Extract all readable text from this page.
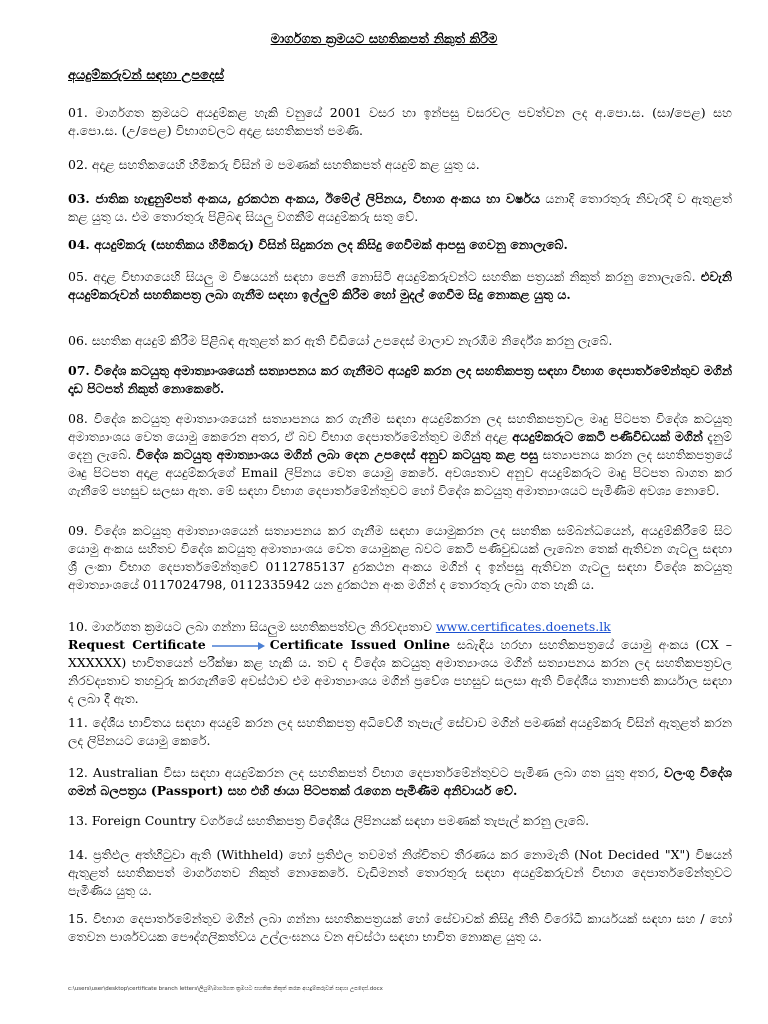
මාර්ගගත ක්‍රමයට සහතිකපත් නිකුත් කිරීම
අයදුම්කරුවන් සඳහා උපදෙස්
01. මාර්ගගත ක්‍රමයට අයදුම්කළ හැකි වනුයේ 2001 වසර හා ඉන්පසු වසරවල පවත්වන ලද අ.පො.ස. (සා/පෙළ) සහ අ.පො.ස. (උ/පෙළ) විභාගවලට අදාළ සහතිකපත් පමණි.
02. අදාළ සහතිකයෙහි හිමිකරු විසින් ම පමණක් සහතිකපත් අයදුම් කළ යුතු ය.
03. ජාතික හැඳුනුම්පත් අංකය, දුරකථන අංකය, ඊමේල් ලිපිනය, විභාග අංකය හා වර්ෂය යනාදි තොරතුරු නිවැරදි ව ඇතුළත් කළ යුතු ය. එම තොරතුරු පිළිබඳ සියලු වගකීම් අයදුම්කරු සතු වේ.
04. අයදුම්කරු (සහතිකය හිමිකරු) විසින් සිදුකරන ලද කිසිදු ගෙවීමක් ආපසු ගෙවනු නොලැබේ.
05. අදාළ විභාගයෙහි සියලු ම විෂයයන් සඳහා පෙනී නොසිටි අයදුම්කරුවන්ට සහතික පත්‍රයක් නිකුත් කරනු නොලැබේ. එවැනි අයදුම්කරුවන් සහතිකපත්‍ර ලබා ගැනීම සඳහා ඉල්ලුම් කිරීම හෝ මුදල් ගෙවීම සිදු නොකළ යුතු ය.
06. සහතික අයදුම් කිරීම පිළිබඳ ඇතුළත් කර ඇති වීඩියෝ උපදෙස් මාලාව නැරඹීම නිර්දේශ කරනු ලැබේ.
07. විදේශ කටයුතු අමාත්‍යාංශයෙන් සත්‍යාපනය කර ගැනීමට අයදුම් කරන ලද සහතිකපත්‍ර සඳහා විභාග දෙපාර්තමේන්තුව මගින් දෘඩ පිටපත් නිකුත් නොකෙරේ.
08. විදේශ කටයුතු අමාත්‍යාංශයෙන් සත්‍යාපනය කර ගැනීම සඳහා අයදුම්කරන ලද සහතිකපත්‍රවල මෘදු පිටපත විදේශ කටයුතු අමාත්‍යාංශය වෙත යොමු කෙරෙන අතර, ඒ බව විභාග දෙපාර්තමේන්තුව මගින් අදාළ අයදුම්කරුට කෙටි පණිවිඩයක් මගින් දැනුම් දෙනු ලැබේ. විදේශ කටයුතු අමාත්‍යාංශය මගින් ලබා දෙන උපදෙස් අනුව කටයුතු කළ පසු සත්‍යාපනය කරන ලද සහතිකපත්‍රයේ මෘදු පිටපත අදාළ අයදුම්කරුගේ Email ලිපිනය වෙත යොමු කෙරේ. අවශ්‍යතාව අනුව අයදුම්කරුට මෘදු පිටපත බාගත කර ගැනීමේ පහසුව සලසා ඇත. මේ සඳහා විභාග දෙපාර්තමේන්තුවට හෝ විදේශ කටයුතු අමාත්‍යාංශයට පැමිණීම අවශ්‍ය නොවේ.
09. විදේශ කටයුතු අමාත්‍යාංශයෙන් සත්‍යාපනය කර ගැනීම සඳහා යොමුකරන ලද සහතික සම්බන්ධයෙන්, අයදුම්කිරීමේ සිට යොමු අංකය සහිතව විදේශ කටයුතු අමාත්‍යාංශය වෙත යොමුකළ බවට කෙටි පණිවුඩයක් ලැබෙන තෙක් ඇතිවන ගැටලු සඳහා ශ්‍රී ලංකා විභාග දෙපාර්තමේන්තුවේ 0112785137 දුරකථන අංකය මගින් ද ඉන්පසු ඇතිවන ගැටලු සඳහා විදේශ කටයුතු අමාත්‍යාංශයේ 0117024798, 0112335942 යන දුරකථන අංක මගින් ද තොරතුරු ලබා ගත හැකි ය.
10. මාර්ගගත ක්‍රමයට ලබා ගන්නා සියලුම සහතිකපත්වල නිරවද්‍යතාව www.certificates.doenets.lk
Request Certificate	Certificate Issued Online සබැඳිය හරහා සහතිකපත්‍රයේ යොමු අංකය (CX – XXXXXX) භාවිතයෙන් පරීක්ෂා කළ හැකි ය. තව ද විදේශ කටයුතු අමාත්‍යාංශය මගින් සත්‍යාපනය කරන ලද සහතිකපත්‍රවල නිරවද්‍යතාව තහවුරු කරගැනීමේ අවස්ථාව එම අමාත්‍යාංශය මගින් ප්‍රවේශ පහසුව සලසා ඇති විදේශීය තානාපති කාර්යාල සඳහා ද ලබා දී ඇත.
11. දේශීය භාවිතය සඳහා අයදුම් කරන ලද සහතිකපත්‍ර අධිවේගී තැපැල් සේවාව මගින් පමණක් අයදුම්කරු විසින් ඇතුළත් කරන ලද ලිපිනයට යොමු කෙරේ.
12. Australian වීසා සඳහා අයදුම්කරන ලද සහතිකපත් විභාග දෙපාර්තමේන්තුවට පැමිණ ලබා ගත යුතු අතර, වලංගු විදේශ ගමන් බලපත්‍රය (Passport) සහ එහි ඡායා පිටපතක් රැගෙන පැමිණීම අනිවාර්ය වේ.
13. Foreign Country වර්ගයේ සහතිකපත්‍ර විදේශීය ලිපිනයක් සඳහා පමණක් තැපැල් කරනු ලැබේ.
14. ප්‍රතිඵල අත්හිටුවා ඇති (Withheld) හෝ ප්‍රතිඵල තවමත් නිශ්චිතව තීරණය කර නොමැති (Not Decided "X") විෂයන් ඇතුළත් සහතිකපත් මාර්ගගතව නිකුත් නොකෙරේ. වැඩිමනත් තොරතුරු සඳහා අයදුම්කරුවන් විභාග දෙපාර්තමේන්තුවට පැමිණිය යුතු ය.
15. විභාග දෙපාර්තමේන්තුව මගින් ලබා ගන්නා සහතිකපත්‍රයක් හෝ සේවාවක් කිසිදු නීති විරෝධී කාර්යයක් සඳහා සහ / හෝ තෙවන පාර්ශවයක පෞද්ගලිකත්වය උල්ලංඝනය වන අවස්ථා සඳහා භාවිත නොකළ යුතු ය.
c:\users\user\desktop\certificate branch letters\ලියුම්\මාර්ගගත ක්‍රමයට සහතික නිකුත් කරන අයදුම්කරුවන් සඳහා උපදෙස්.docx
